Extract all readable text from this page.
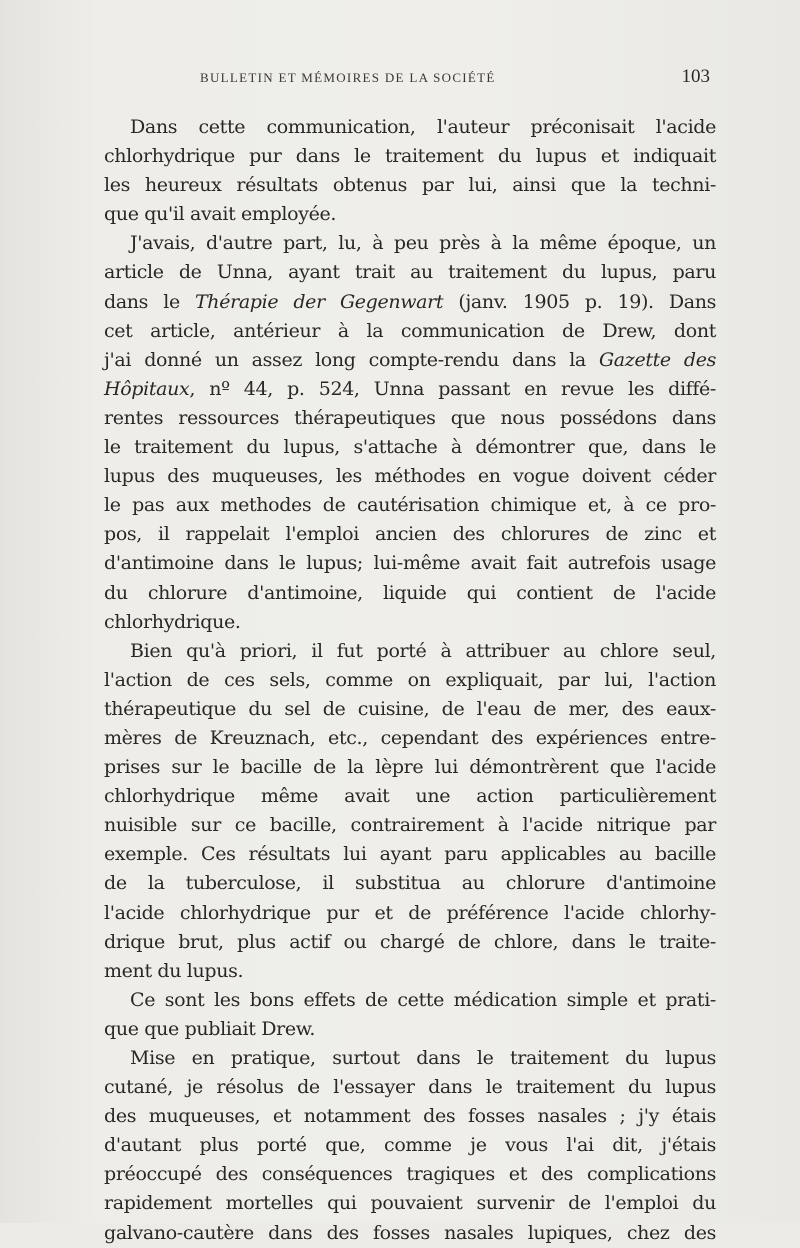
BULLETIN ET MÉMOIRES DE LA SOCIÉTÉ	103
Dans cette communication, l'auteur préconisait l'acide
chlorhydrique pur dans le traitement du lupus et indiquait
les heureux résultats obtenus par lui, ainsi que la techni-
que qu'il avait employée.
J'avais, d'autre part, lu, à peu près à la même époque, un
article de Unna, ayant trait au traitement du lupus, paru
dans le Thérapie der Gegenwart (janv. 1905 p. 19). Dans
cet article, antérieur à la communication de Drew, dont
j'ai donné un assez long compte-rendu dans la Gazette des
Hôpitaux, nº 44, p. 524, Unna passant en revue les diffé-
rentes ressources thérapeutiques que nous possédons dans
le traitement du lupus, s'attache à démontrer que, dans le
lupus des muqueuses, les méthodes en vogue doivent céder
le pas aux methodes de cautérisation chimique et, à ce pro-
pos, il rappelait l'emploi ancien des chlorures de zinc et
d'antimoine dans le lupus; lui-même avait fait autrefois usage
du chlorure d'antimoine, liquide qui contient de l'acide
chlorhydrique.
Bien qu'à priori, il fut porté à attribuer au chlore seul,
l'action de ces sels, comme on expliquait, par lui, l'action
thérapeutique du sel de cuisine, de l'eau de mer, des eaux-
mères de Kreuznach, etc., cependant des expériences entre-
prises sur le bacille de la lèpre lui démontrèrent que l'acide
chlorhydrique même avait une action particulièrement
nuisible sur ce bacille, contrairement à l'acide nitrique par
exemple. Ces résultats lui ayant paru applicables au bacille
de la tuberculose, il substitua au chlorure d'antimoine
l'acide chlorhydrique pur et de préférence l'acide chlorhy-
drique brut, plus actif ou chargé de chlore, dans le traite-
ment du lupus.
Ce sont les bons effets de cette médication simple et prati-
que que publiait Drew.
Mise en pratique, surtout dans le traitement du lupus
cutané, je résolus de l'essayer dans le traitement du lupus
des muqueuses, et notamment des fosses nasales ; j'y étais
d'autant plus porté que, comme je vous l'ai dit, j'étais
préoccupé des conséquences tragiques et des complications
rapidement mortelles qui pouvaient survenir de l'emploi du
galvano-cautère dans des fosses nasales lupiques, chez des
